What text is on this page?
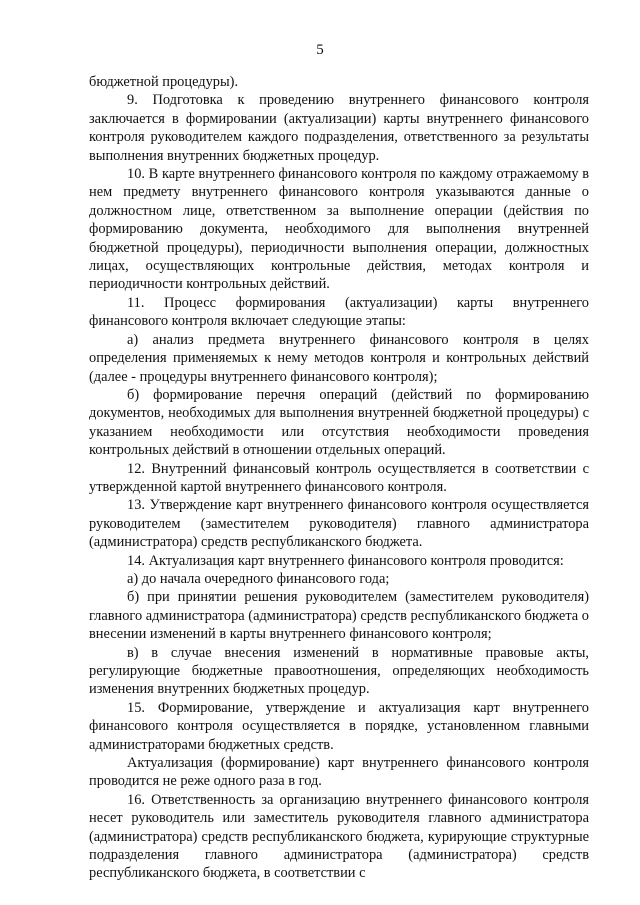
5

бюджетной процедуры).

9. Подготовка к проведению внутреннего финансового контроля заключается в формировании (актуализации) карты внутреннего финансового контроля руководителем каждого подразделения, ответственного за результаты выполнения внутренних бюджетных процедур.

10. В карте внутреннего финансового контроля по каждому отражаемому в нем предмету внутреннего финансового контроля указываются данные о должностном лице, ответственном за выполнение операции (действия по формированию документа, необходимого для выполнения внутренней бюджетной процедуры), периодичности выполнения операции, должностных лицах, осуществляющих контрольные действия, методах контроля и периодичности контрольных действий.

11. Процесс формирования (актуализации) карты внутреннего финансового контроля включает следующие этапы:

а) анализ предмета внутреннего финансового контроля в целях определения применяемых к нему методов контроля и контрольных действий (далее - процедуры внутреннего финансового контроля);

б) формирование перечня операций (действий по формированию документов, необходимых для выполнения внутренней бюджетной процедуры) с указанием необходимости или отсутствия необходимости проведения контрольных действий в отношении отдельных операций.

12. Внутренний финансовый контроль осуществляется в соответствии с утвержденной картой внутреннего финансового контроля.

13. Утверждение карт внутреннего финансового контроля осуществляется руководителем (заместителем руководителя) главного администратора (администратора) средств республиканского бюджета.

14. Актуализация карт внутреннего финансового контроля проводится:

а) до начала очередного финансового года;

б) при принятии решения руководителем (заместителем руководителя) главного администратора (администратора) средств республиканского бюджета о внесении изменений в карты внутреннего финансового контроля;

в) в случае внесения изменений в нормативные правовые акты, регулирующие бюджетные правоотношения, определяющих необходимость изменения внутренних бюджетных процедур.

15. Формирование, утверждение и актуализация карт внутреннего финансового контроля осуществляется в порядке, установленном главными администраторами бюджетных средств.

Актуализация (формирование) карт внутреннего финансового контроля проводится не реже одного раза в год.

16. Ответственность за организацию внутреннего финансового контроля несет руководитель или заместитель руководителя главного администратора (администратора) средств республиканского бюджета, курирующие структурные подразделения главного администратора (администратора) средств республиканского бюджета, в соответствии с
